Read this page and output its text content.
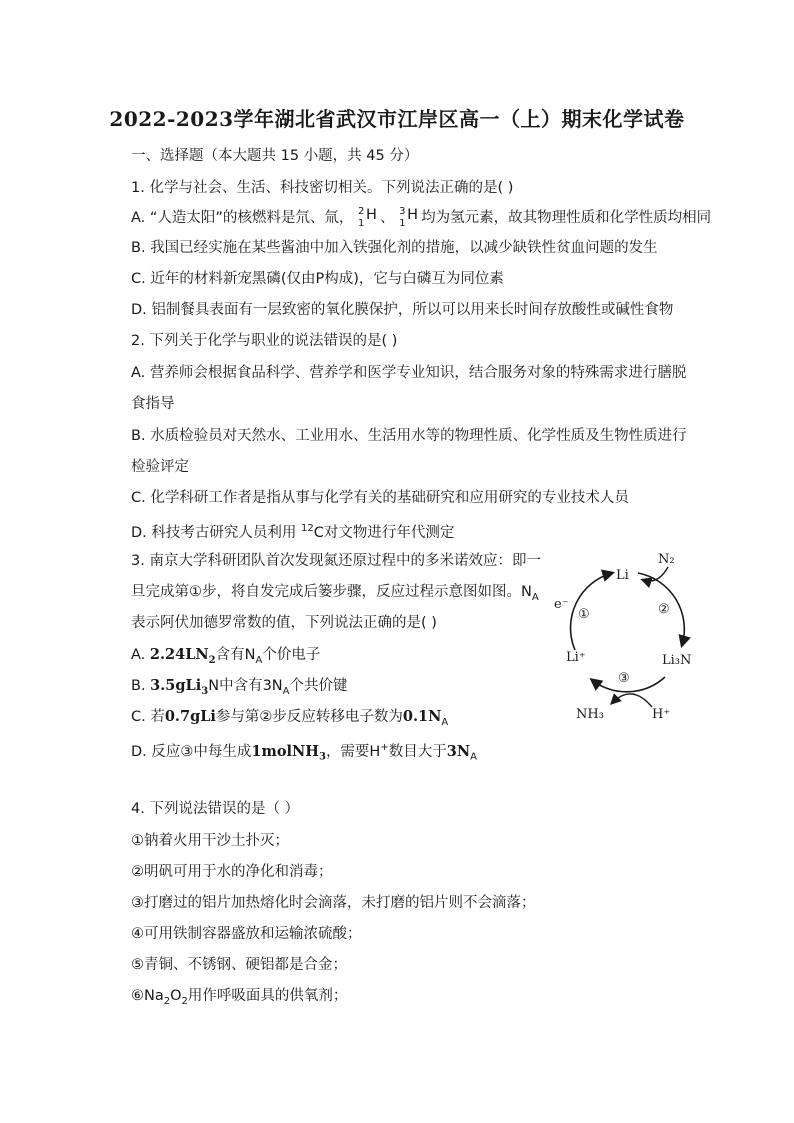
2022-2023学年湖北省武汉市江岸区高一（上）期末化学试卷
一、选择题（本大题共 15 小题，共 45 分）
1. 化学与社会、生活、科技密切相关。下列说法正确的是( )
A. “人造太阳”的核燃料是氘、氚， 2
1
H 、 3
1
H 均为氢元素，故其物理性质和化学性质均相同
B. 我国已经实施在某些酱油中加入铁强化剂的措施，以减少缺铁性贫血问题的发生
C. 近年的材料新宠黑磷(仅由P构成)，它与白磷互为同位素
D. 铝制餐具表面有一层致密的氧化膜保护，所以可以用来长时间存放酸性或碱性食物
2. 下列关于化学与职业的说法错误的是( )
A. 营养师会根据食品科学、营养学和医学专业知识，结合服务对象的特殊需求进行膳脱食指导
B. 水质检验员对天然水、工业用水、生活用水等的物理性质、化学性质及生物性质进行检验评定
C. 化学科研工作者是指从事与化学有关的基础研究和应用研究的专业技术人员
D. 科技考古研究人员利用 $^{12}$C对文物进行年代测定
3. 南京大学科研团队首次发现氮还原过程中的多米诺效应：即一
旦完成第①步，将自发完成后篓步骤，反应过程示意图如图。$N_A$
表示阿伏加德罗常数的值，下列说法正确的是( )
A. $2.24LN_2$含有$N_A$个价电子
B. 3.5gLi$_3$N中含有$3N_A$个共价键
C. 若0.7gLi参与第②步反应转移电子数为$0.1N_A$
D. 反应③中每生成1molNH$_3$，需要H+数目大于$3N_A$
N₂
Li
e⁻
①	②
Li⁺	Li₃N
③
NH₃	H⁺
4. 下列说法错误的是（ ）
①钠着火用干沙土扑灭；
②明矾可用于水的净化和消毒；
③打磨过的铝片加热熔化时会滴落，未打磨的铝片则不会滴落；
④可用铁制容器盛放和运输浓硫酸；
⑤青铜、不锈钢、硬铝都是合金；
$⑥Na_2O_2$用作呼吸面具的供氧剂；
